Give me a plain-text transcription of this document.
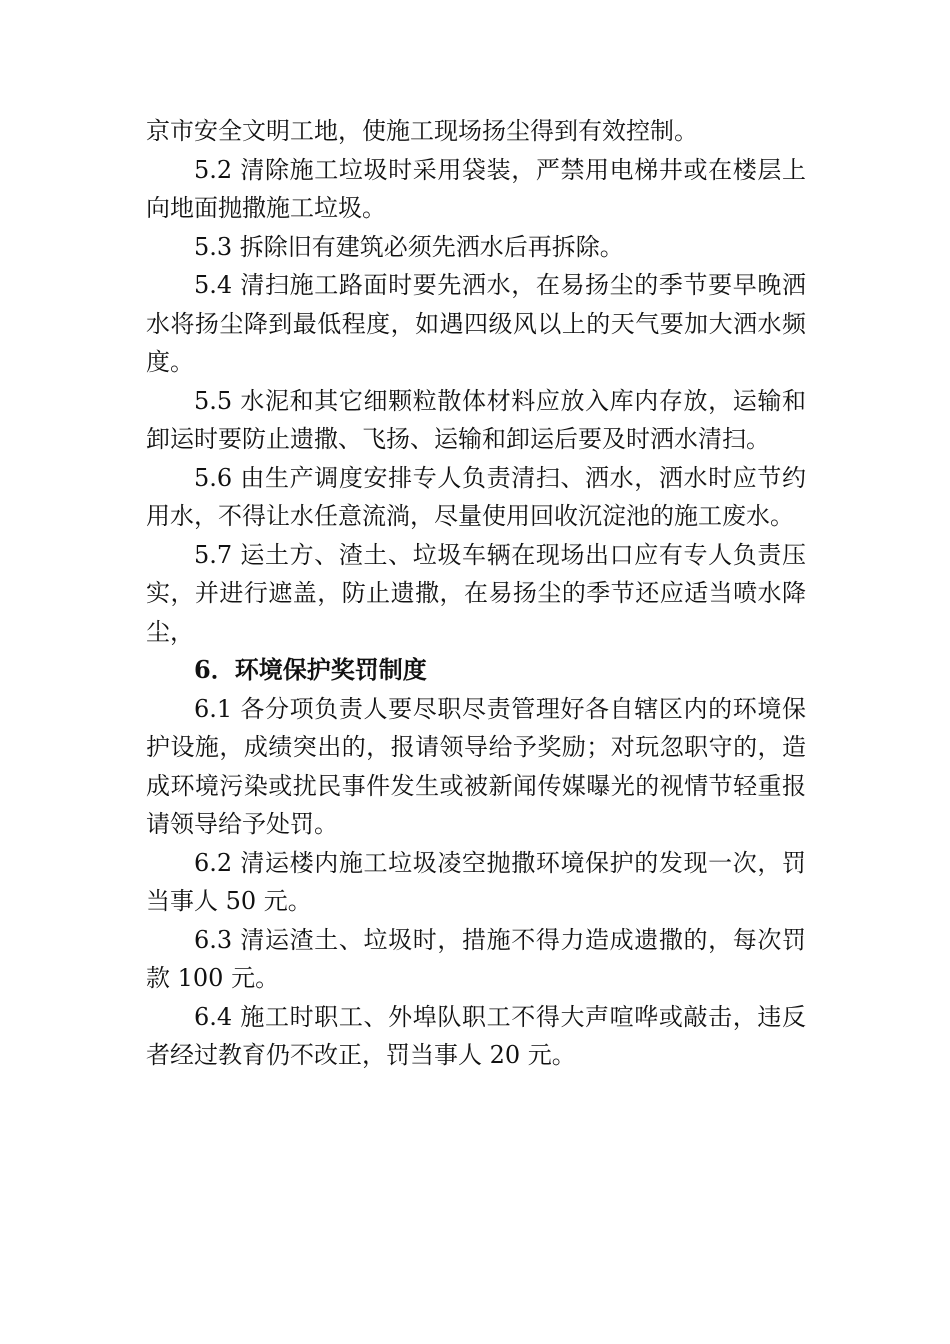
京市安全文明工地，使施工现场扬尘得到有效控制。

5.2 清除施工垃圾时采用袋装，严禁用电梯井或在楼层上向地面抛撒施工垃圾。

5.3 拆除旧有建筑必须先洒水后再拆除。

5.4 清扫施工路面时要先洒水，在易扬尘的季节要早晚洒水将扬尘降到最低程度，如遇四级风以上的天气要加大洒水频度。

5.5 水泥和其它细颗粒散体材料应放入库内存放，运输和卸运时要防止遗撒、飞扬、运输和卸运后要及时洒水清扫。

5.6 由生产调度安排专人负责清扫、洒水，洒水时应节约用水，不得让水任意流淌，尽量使用回收沉淀池的施工废水。

5.7 运土方、渣土、垃圾车辆在现场出口应有专人负责压实，并进行遮盖，防止遗撒，在易扬尘的季节还应适当喷水降尘，

6．环境保护奖罚制度

6.1 各分项负责人要尽职尽责管理好各自辖区内的环境保护设施，成绩突出的，报请领导给予奖励；对玩忽职守的，造成环境污染或扰民事件发生或被新闻传媒曝光的视情节轻重报请领导给予处罚。

6.2 清运楼内施工垃圾凌空抛撒环境保护的发现一次，罚当事人 50 元。

6.3 清运渣土、垃圾时，措施不得力造成遗撒的，每次罚款 100 元。

6.4 施工时职工、外埠队职工不得大声喧哗或敲击，违反者经过教育仍不改正，罚当事人 20 元。
